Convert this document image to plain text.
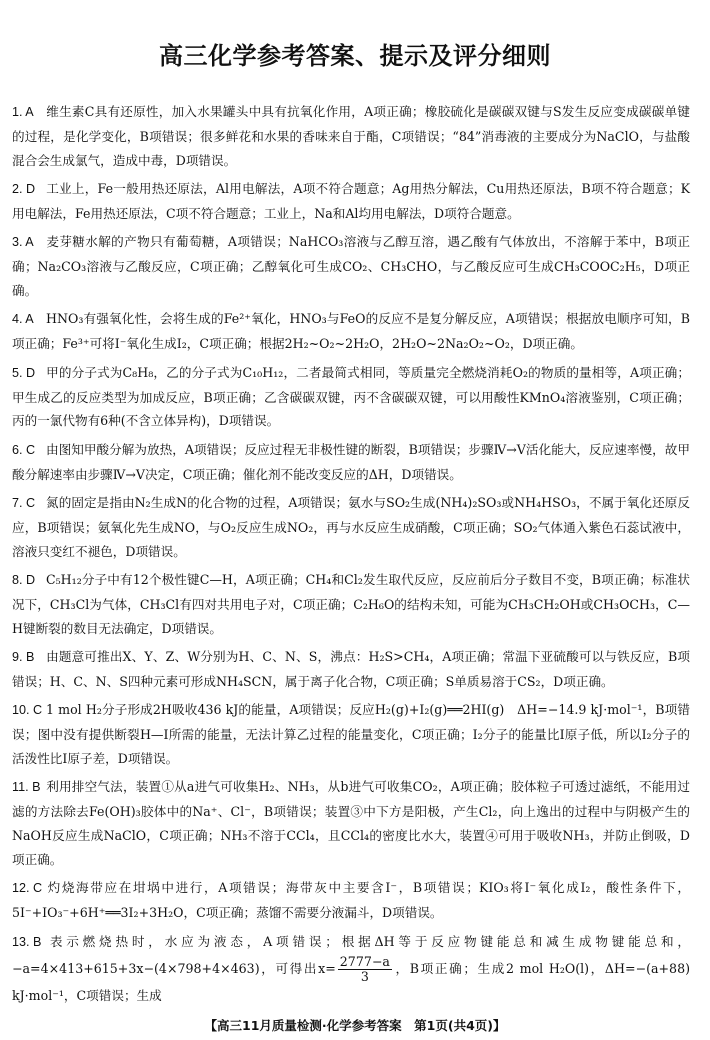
高三化学参考答案、提示及评分细则

1. A 维生素C具有还原性，加入水果罐头中具有抗氧化作用，A项正确；橡胶硫化是碳碳双键与S发生反应变成碳碳单键的过程，是化学变化，B项错误；很多鲜花和水果的香味来自于酯，C项错误；“84”消毒液的主要成分为NaClO，与盐酸混合会生成氯气，造成中毒，D项错误。

2. D 工业上，Fe一般用热还原法，Al用电解法，A项不符合题意；Ag用热分解法，Cu用热还原法，B项不符合题意；K用电解法，Fe用热还原法，C项不符合题意；工业上，Na和Al均用电解法，D项符合题意。

3. A 麦芽糖水解的产物只有葡萄糖，A项错误；NaHCO₃溶液与乙醇互溶，遇乙酸有气体放出，不溶解于苯中，B项正确；Na₂CO₃溶液与乙酸反应，C项正确；乙醇氧化可生成CO₂、CH₃CHO，与乙酸反应可生成CH₃COOC₂H₅，D项正确。

4. A HNO₃有强氧化性，会将生成的Fe²⁺氧化，HNO₃与FeO的反应不是复分解反应，A项错误；根据放电顺序可知，B项正确；Fe³⁺可将I⁻氧化生成I₂，C项正确；根据2H₂~O₂~2H₂O，2H₂O~2Na₂O₂~O₂，D项正确。

5. D 甲的分子式为C₈H₈，乙的分子式为C₁₀H₁₂，二者最简式相同，等质量完全燃烧消耗O₂的物质的量相等，A项正确；甲生成乙的反应类型为加成反应，B项正确；乙含碳碳双键，丙不含碳碳双键，可以用酸性KMnO₄溶液鉴别，C项正确；丙的一氯代物有6种(不含立体异构)，D项错误。

6. C 由图知甲酸分解为放热，A项错误；反应过程无非极性键的断裂，B项错误；步骤Ⅳ→Ⅴ活化能大，反应速率慢，故甲酸分解速率由步骤Ⅳ→Ⅴ决定，C项正确；催化剂不能改变反应的ΔH，D项错误。

7. C 氮的固定是指由N₂生成N的化合物的过程，A项错误；氨水与SO₂生成(NH₄)₂SO₃或NH₄HSO₃，不属于氧化还原反应，B项错误；氨氧化先生成NO，与O₂反应生成NO₂，再与水反应生成硝酸，C项正确；SO₂气体通入紫色石蕊试液中，溶液只变红不褪色，D项错误。

8. D C₅H₁₂分子中有12个极性键C—H，A项正确；CH₄和Cl₂发生取代反应，反应前后分子数目不变，B项正确；标准状况下，CH₃Cl为气体，CH₃Cl有四对共用电子对，C项正确；C₂H₆O的结构未知，可能为CH₃CH₂OH或CH₃OCH₃，C—H键断裂的数目无法确定，D项错误。

9. B 由题意可推出X、Y、Z、W分别为H、C、N、S，沸点：H₂S>CH₄，A项正确；常温下亚硫酸可以与铁反应，B项错误；H、C、N、S四种元素可形成NH₄SCN，属于离子化合物，C项正确；S单质易溶于CS₂，D项正确。

10. C 1 mol H₂分子形成2H吸收436 kJ的能量，A项错误；反应H₂(g)+I₂(g)══2HI(g)　ΔH=−14.9 kJ·mol⁻¹，B项错误；图中没有提供断裂H—I所需的能量，无法计算乙过程的能量变化，C项正确；I₂分子的能量比I原子低，所以I₂分子的活泼性比I原子差，D项错误。

11. B 利用排空气法，装置①从a进气可收集H₂、NH₃，从b进气可收集CO₂，A项正确；胶体粒子可透过滤纸，不能用过滤的方法除去Fe(OH)₃胶体中的Na⁺、Cl⁻，B项错误；装置③中下方是阳极，产生Cl₂，向上逸出的过程中与阴极产生的NaOH反应生成NaClO，C项正确；NH₃不溶于CCl₄，且CCl₄的密度比水大，装置④可用于吸收NH₃，并防止倒吸，D项正确。

12. C 灼烧海带应在坩埚中进行，A项错误；海带灰中主要含I⁻，B项错误；KIO₃将I⁻氧化成I₂，酸性条件下，5I⁻+IO₃⁻+6H⁺══3I₂+3H₂O，C项正确；蒸馏不需要分液漏斗，D项错误。

13. B 表示燃烧热时，水应为液态，A项错误；根据ΔH等于反应物键能总和减生成物键能总和，−a=4×413+615+3x−(4×798+4×463)，可得出$x= \frac{2777-a}{3}$ ，B项正确；生成2 mol H₂O(l)，ΔH=−(a+88) kJ·mol⁻¹，C项错误；生成

【高三11月质量检测·化学参考答案　第1页(共4页)】
